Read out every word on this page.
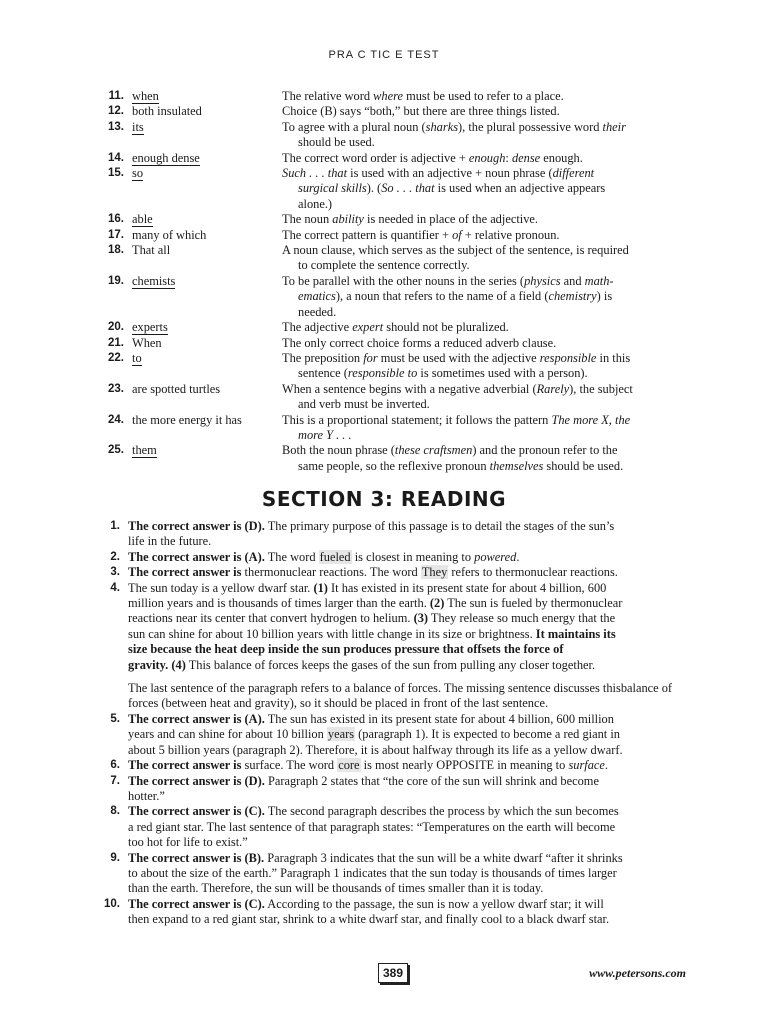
PRA C TIC E TEST
11. when	The relative word where must be used to refer to a place.
12. both insulated	Choice (B) says “both,” but there are three things listed.
13. its	To agree with a plural noun (sharks), the plural possessive word their
should be used.
14. enough dense	The correct word order is adjective + enough: dense enough.
15. so	Such . . . that is used with an adjective + noun phrase (different
surgical skills). (So . . . that is used when an adjective appears
alone.)
16. able	The noun ability is needed in place of the adjective.
17. many of which	The correct pattern is quantifier + of + relative pronoun.
18. That all	A noun clause, which serves as the subject of the sentence, is required
to complete the sentence correctly.
19. chemists	To be parallel with the other nouns in the series (physics and math-
ematics), a noun that refers to the name of a field (chemistry) is
needed.
20. experts	The adjective expert should not be pluralized.
21. When	The only correct choice forms a reduced adverb clause.
22. to	The preposition for must be used with the adjective responsible in this
sentence (responsible to is sometimes used with a person).
23. are spotted turtles	When a sentence begins with a negative adverbial (Rarely), the subject
and verb must be inverted.
24. the more energy it has	This is a proportional statement; it follows the pattern The more X, the
more Y . . .
25. them	Both the noun phrase (these craftsmen) and the pronoun refer to the
same people, so the reflexive pronoun themselves should be used.
SECTION 3: READING
1. The correct answer is (D). The primary purpose of this passage is to detail the stages of the sun’s
life in the future.
2. The correct answer is (A). The word fueled is closest in meaning to powered.
3. The correct answer is thermonuclear reactions. The word They refers to thermonuclear reactions.
4. The sun today is a yellow dwarf star. (1) It has existed in its present state for about 4 billion, 600
million years and is thousands of times larger than the earth. (2) The sun is fueled by thermonuclear
reactions near its center that convert hydrogen to helium. (3) They release so much energy that the
sun can shine for about 10 billion years with little change in its size or brightness. It maintains its
size because the heat deep inside the sun produces pressure that offsets the force of
gravity. (4) This balance of forces keeps the gases of the sun from pulling any closer together.
The last sentence of the paragraph refers to a balance of forces. The missing sentence discusses thisbalance of forces (between heat and gravity), so it should be placed in front of the last sentence.
5. The correct answer is (A). The sun has existed in its present state for about 4 billion, 600 million
years and can shine for about 10 billion years (paragraph 1). It is expected to become a red giant in
about 5 billion years (paragraph 2). Therefore, it is about halfway through its life as a yellow dwarf.
6. The correct answer is surface. The word core is most nearly OPPOSITE in meaning to surface.
7. The correct answer is (D). Paragraph 2 states that “the core of the sun will shrink and become
hotter.”
8. The correct answer is (C). The second paragraph describes the process by which the sun becomes
a red giant star. The last sentence of that paragraph states: “Temperatures on the earth will become
too hot for life to exist.”
9. The correct answer is (B). Paragraph 3 indicates that the sun will be a white dwarf “after it shrinks
to about the size of the earth.” Paragraph 1 indicates that the sun today is thousands of times larger
than the earth. Therefore, the sun will be thousands of times smaller than it is today.
10. The correct answer is (C). According to the passage, the sun is now a yellow dwarf star; it will
then expand to a red giant star, shrink to a white dwarf star, and finally cool to a black dwarf star.
389	www.petersons.com
